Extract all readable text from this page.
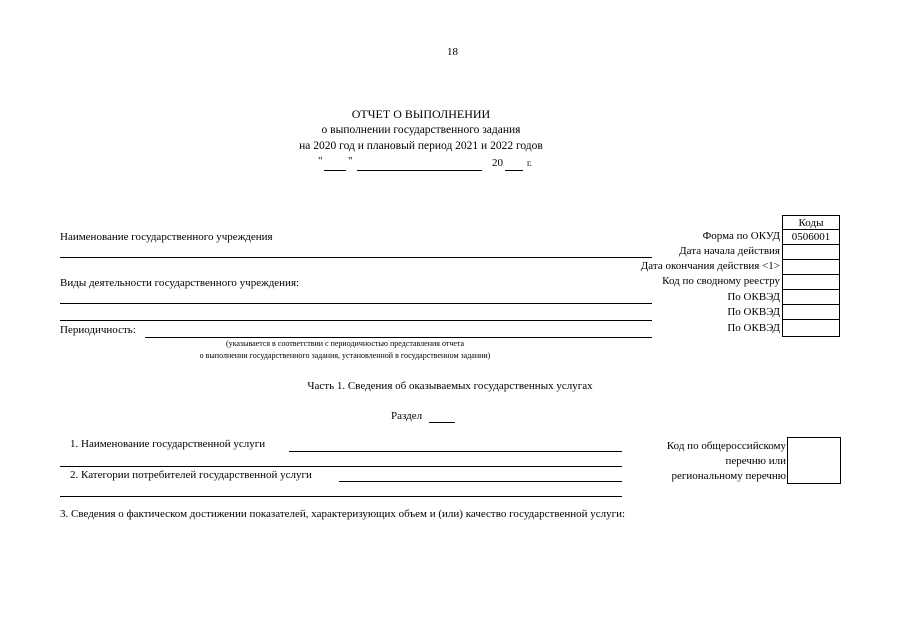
18
ОТЧЕТ О ВЫПОЛНЕНИИ
о выполнении государственного задания
на 2020 год и плановый период 2021 и 2022 годов
" "	20	г.
Коды
0506001
Форма по ОКУД
Дата начала действия
Дата окончания действия <1>
Код по сводному реестру
По ОКВЭД
По ОКВЭД
По ОКВЭД
Наименование государственного учреждения
Виды деятельности государственного учреждения:
Периодичность:
(указывается в соответствии с периодичностью представления отчета
о выполнении государственного задания, установленной в государственном задании)
Часть 1. Сведения об оказываемых государственных услугах
Раздел
1. Наименование государственной услуги
2. Категории потребителей государственной услуги
Код по общероссийскому
перечню или
региональному перечню
3. Сведения о фактическом достижении показателей, характеризующих объем и (или) качество государственной услуги:
